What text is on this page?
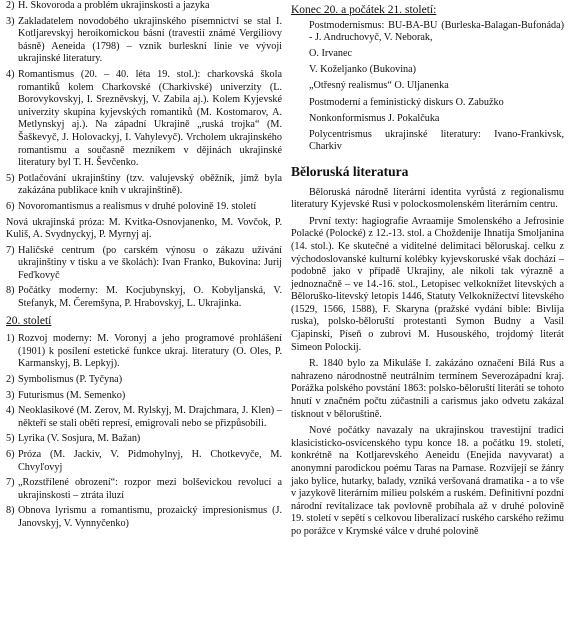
2) H. Skovoroda a problém ukrajinskosti a jazyka
3) Zakladatelem novodobého ukrajinského písemnictví se stal I. Kotljarevskyj heroikomickou básní (travestií známé Vergiliovy básně) Aeneida (1798) – vznik burleskní linie ve vývoji ukrajinské literatury.
4) Romantismus (20. – 40. léta 19. stol.): charkovská škola romantiků kolem Charkovské (Charkivské) univerzity (L. Borovykovskyj, I. Srezněvskyj, V. Zabila aj.). Kolem Kyjevské univerzity skupina kyjevských romantiků (M. Kostomarov, A. Metlynskyj aj.). Na západní Ukrajině „ruská trojka“ (M. Šaškevyč, J. Holovackyj, I. Vahylevyč). Vrcholem ukrajinského romantismu a současně mezníkem v dějinách ukrajinské literatury byl T. H. Ševčenko.
5) Potlačování ukrajinštiny (tzv. valujevský oběžník, jímž byla zakázána publikace knih v ukrajinštině).
6) Novoromantismus a realismus v druhé polovině 19. století
Nová ukrajinská próza: M. Kvitka-Osnovjanenko, M. Vovčok, P. Kuliš, A. Svydnyckyj, P. Myrnyj aj.
7) Haličské centrum (po carském výnosu o zákazu užívání ukrajinštiny v tisku a ve školách): Ivan Franko, Bukovina: Jurij Feďkovyč
8) Počátky moderny: M. Kocjubynskyj, O. Kobyljanská, V. Stefanyk, M. Čeremšyna, P. Hrabovskyj, L. Ukrajinka.
20. století
1) Rozvoj moderny: M. Voronyj a jeho programové prohlášení (1901) k posílení estetické funkce ukraj. literatury (O. Oles, P. Karmanskyj, B. Lepkyj).
2) Symbolismus (P. Tyčyna)
3) Futurismus (M. Semenko)
4) Neoklasikové (M. Zerov, M. Rylskyj, M. Drajchmara, J. Klen) – někteří se stali oběti represí, emigrovali nebo se přizpůsobili.
5) Lyrika (V. Sosjura, M. Bažan)
6) Próza (M. Jackiv, V. Pidmohylnyj, H. Chotkevyče, M. Chvyľovyj
7) „Rozstřílené obrození“: rozpor mezi bolševickou revolucí a ukrajinskosti – ztráta iluzí
8) Obnova lyrismu a romantismu, prozaický impresionismus (J. Janovskyj, V. Vynnyčenko)
Konec 20. a počátek 21. století:
Postmodernismus: BU-BA-BU (Burleska-Balagan-Bufonáda) - J. Andruchovyč, V. Neborak,
O. Irvanec
V. Koželjanko (Bukovina)
„Otřesný realismus“ O. Uljanenka
Postmoderní a feministický diskurs O. Zabužko
Nonkonformismus J. Pokalčuka
Polycentrismus ukrajinské literatury: Ivano-Frankivsk, Charkiv
Běloruská literatura
Běloruská národně literární identita vyrůstá z regionalismu literatury Kyjevské Rusi v polockosmolenském literárním centru.
První texty: hagiografie Avraamije Smolenského a Jefrosinie Polacké (Polocké) z 12.-13. stol. a Choždenije Ihnatija Smoljanina (14. stol.). Ke skutečné a viditelné delimitaci běloruskaj. celku z východoslovanské kulturní kolébky kyjevskoruské však dochází – podobně jako v případě Ukrajiny, ale nikoli tak výrazně a jednoznačně – ve 14.-16. stol., Letopisec velkoknížet litevských a Běloruško-litevský letopis 1446, Statuty Velkoknížectví litevského (1529, 1566, 1588), F. Skaryna (pražské vydání bible: Bivlija ruska), polsko-běloruští protestanti Symon Budny a Vasil Cjapinski, Píseň o zubrovi M. Husouského, trojdomý literát Simeon Polockij.
R. 1840 bylo za Mikuláše I. zakázáno označení Bílá Rus a nahrazeno národnostně neutrálním termínem Severozápadní kraj. Porážka polského povstání 1863: polsko-běloruští literáti se tohoto hnutí v značném počtu zúčastnili a carismus jako odvetu zakázal tisknout v běloruštině.
Nové počátky navazaly na ukrajinskou travestijní tradici klasicisticko-osvícenského typu konce 18. a počátku 19. století, konkrétně na Kotljarevského Aeneidu (Enejida navyvarat) a anonymní parodickou poému Taras na Parnase. Rozvíjejí se žánry jako bylice, hutarky, balady, vzniká veršovaná dramatika - a to vše v jazykově literárním milieu polském a ruském. Definitivní pozdní národní revitalizace tak povlovně probíhala až v druhé polovině 19. století v sepětí s celkovou liberalizací ruského carského režimu po porážce v Krymské válce v druhé polovině
